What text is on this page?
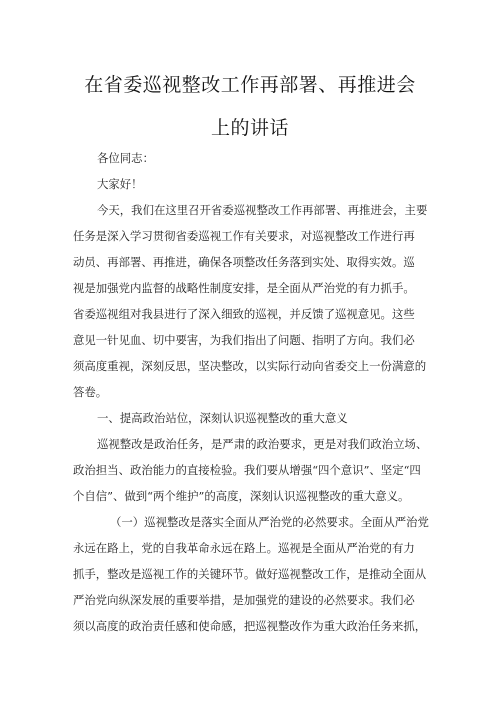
在省委巡视整改工作再部署、再推进会
上的讲话
各位同志：
大家好！
今天，我们在这里召开省委巡视整改工作再部署、再推进会，主要
任务是深入学习贯彻省委巡视工作有关要求，对巡视整改工作进行再
动员、再部署、再推进，确保各项整改任务落到实处、取得实效。巡
视是加强党内监督的战略性制度安排，是全面从严治党的有力抓手。
省委巡视组对我县进行了深入细致的巡视，并反馈了巡视意见。这些
意见一针见血、切中要害，为我们指出了问题、指明了方向。我们必
须高度重视，深刻反思，坚决整改，以实际行动向省委交上一份满意的
答卷。
一、提高政治站位，深刻认识巡视整改的重大意义
巡视整改是政治任务，是严肃的政治要求，更是对我们政治立场、
政治担当、政治能力的直接检验。我们要从增强“四个意识”、坚定“四
个自信”、做到“两个维护”的高度，深刻认识巡视整改的重大意义。
（一）巡视整改是落实全面从严治党的必然要求。全面从严治党
永远在路上，党的自我革命永远在路上。巡视是全面从严治党的有力
抓手，整改是巡视工作的关键环节。做好巡视整改工作，是推动全面从
严治党向纵深发展的重要举措，是加强党的建设的必然要求。我们必
须以高度的政治责任感和使命感，把巡视整改作为重大政治任务来抓，
